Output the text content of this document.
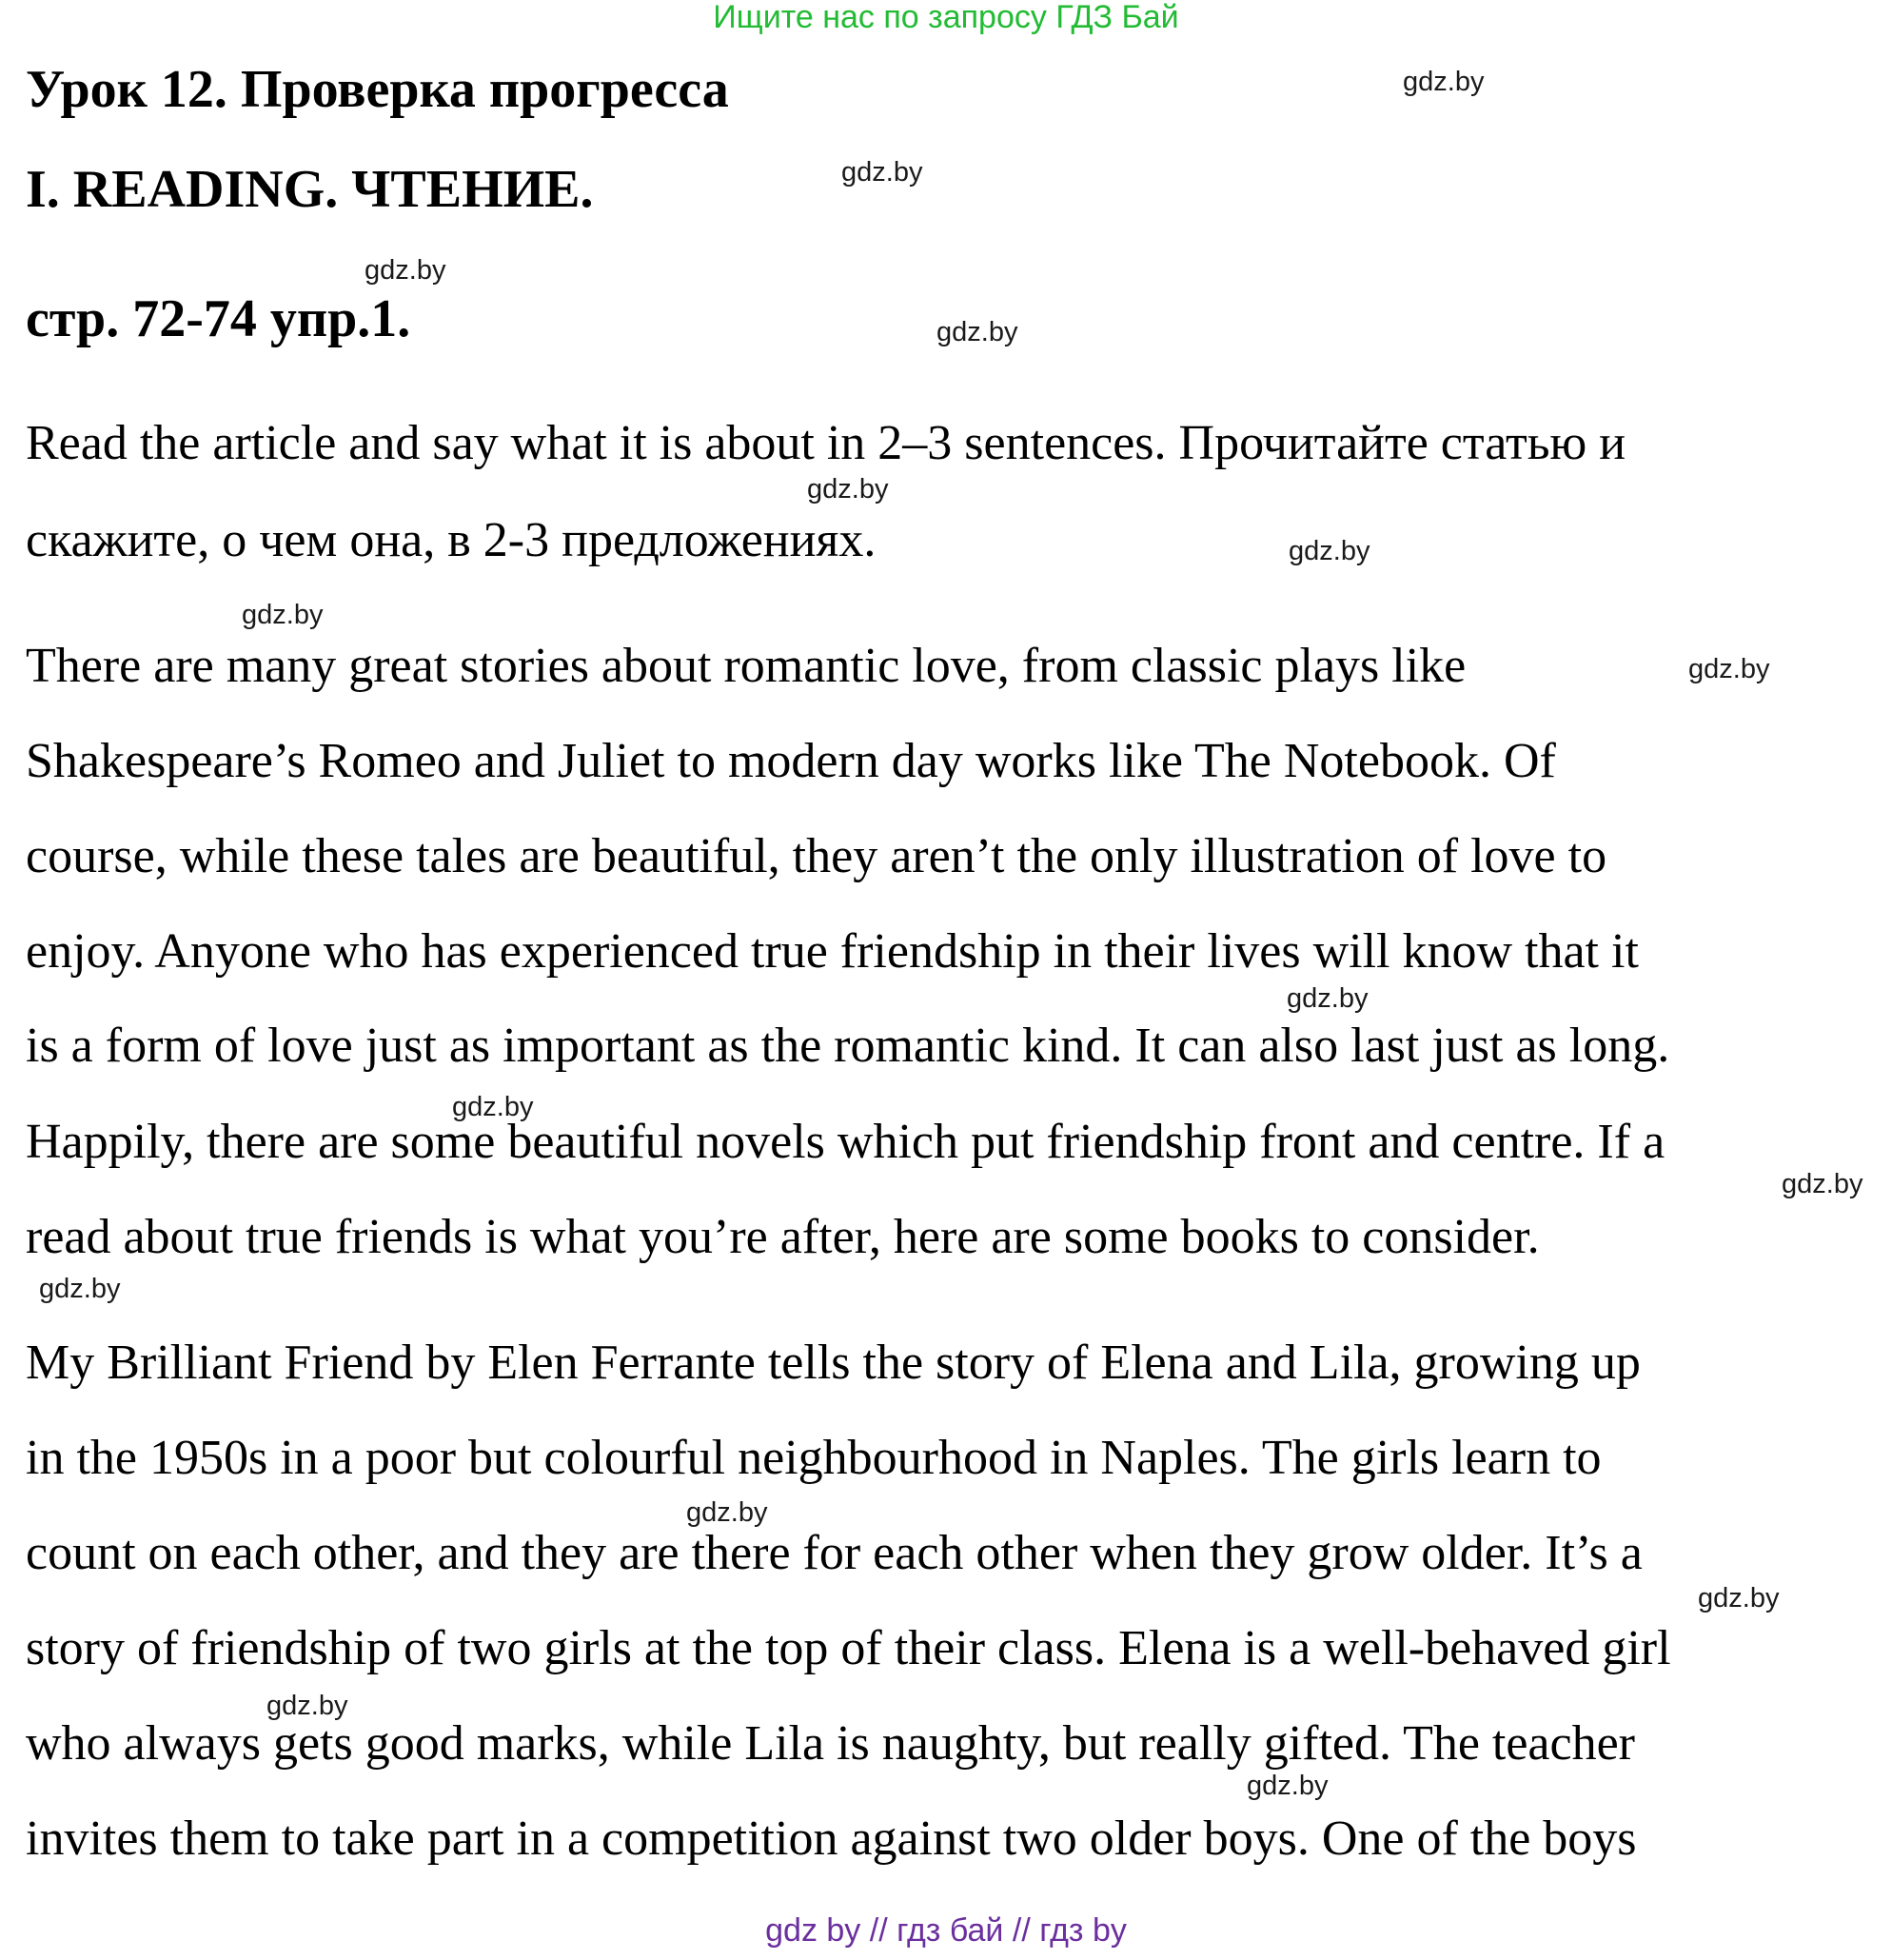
Ищите нас по запросу ГДЗ Бай
Урок 12. Проверка прогресса
I. READING. ЧТЕНИЕ.
стр. 72-74 упр.1.
Read the article and say what it is about in 2–3 sentences. Прочитайте статью и
скажите, о чем она, в 2-3 предложениях.
There are many great stories about romantic love, from classic plays like
Shakespeare’s Romeo and Juliet to modern day works like The Notebook. Of
course, while these tales are beautiful, they aren’t the only illustration of love to
enjoy. Anyone who has experienced true friendship in their lives will know that it
is a form of love just as important as the romantic kind. It can also last just as long.
Happily, there are some beautiful novels which put friendship front and centre. If a
read about true friends is what you’re after, here are some books to consider.
My Brilliant Friend by Elen Ferrante tells the story of Elena and Lila, growing up
in the 1950s in a poor but colourful neighbourhood in Naples. The girls learn to
count on each other, and they are there for each other when they grow older. It’s a
story of friendship of two girls at the top of their class. Elena is a well-behaved girl
who always gets good marks, while Lila is naughty, but really gifted. The teacher
invites them to take part in a competition against two older boys. One of the boys
gdz.by
gdz.by
gdz.by
gdz.by
gdz.by
gdz.by
gdz.by
gdz.by
gdz.by
gdz.by
gdz.by
gdz.by
gdz.by
gdz.by
gdz.by
gdz.by
gdz by // гдз бай // гдз by
